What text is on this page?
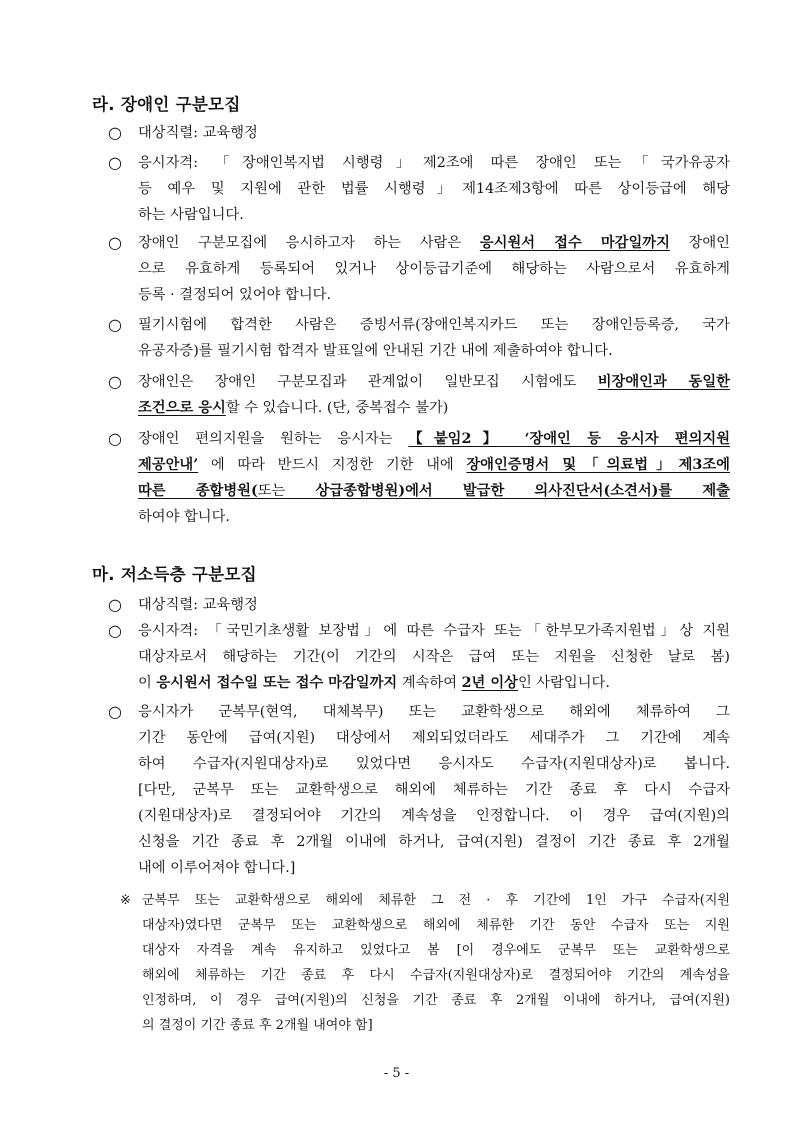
라. 장애인 구분모집
○ 대상직렬: 교육행정
○ 응시자격: 「장애인복지법 시행령」제2조에 따른 장애인 또는「국가유공자
등 예우 및 지원에 관한 법률 시행령」제14조제3항에 따른 상이등급에 해당
하는 사람입니다.
○ 장애인 구분모집에 응시하고자 하는 사람은 응시원서 접수 마감일까지 장애인
으로 유효하게 등록되어 있거나 상이등급기준에 해당하는 사람으로서 유효하게
등록 · 결정되어 있어야 합니다.
○ 필기시험에 합격한 사람은 증빙서류(장애인복지카드 또는 장애인등록증, 국가
유공자증)를 필기시험 합격자 발표일에 안내된 기간 내에 제출하여야 합니다.
○ 장애인은 장애인 구분모집과 관계없이 일반모집 시험에도 비장애인과 동일한
조건으로 응시할 수 있습니다. (단, 중복접수 불가)
○ 장애인 편의지원을 원하는 응시자는 【붙임2】 ‘장애인 등 응시자 편의지원
제공안내’ 에 따라 반드시 지정한 기한 내에 장애인증명서 및「의료법」제3조에
따른 종합병원(또는 상급종합병원)에서 발급한 의사진단서(소견서)를 제출
하여야 합니다.
마. 저소득층 구분모집
○ 대상직렬: 교육행정
○ 응시자격: 「국민기초생활 보장법」에 따른 수급자 또는「한부모가족지원법」상 지원
대상자로서 해당하는 기간(이 기간의 시작은 급여 또는 지원을 신청한 날로 봄)
이 응시원서 접수일 또는 접수 마감일까지 계속하여 2년 이상인 사람입니다.
○ 응시자가 군복무(현역, 대체복무) 또는 교환학생으로 해외에 체류하여 그
기간 동안에 급여(지원) 대상에서 제외되었더라도 세대주가 그 기간에 계속
하여 수급자(지원대상자)로 있었다면 응시자도 수급자(지원대상자)로 봅니다.
[다만, 군복무 또는 교환학생으로 해외에 체류하는 기간 종료 후 다시 수급자
(지원대상자)로 결정되어야 기간의 계속성을 인정합니다. 이 경우 급여(지원)의
신청을 기간 종료 후 2개월 이내에 하거나, 급여(지원) 결정이 기간 종료 후 2개월
내에 이루어져야 합니다.]
※ 군복무 또는 교환학생으로 해외에 체류한 그 전 · 후 기간에 1인 가구 수급자(지원
대상자)였다면 군복무 또는 교환학생으로 해외에 체류한 기간 동안 수급자 또는 지원
대상자 자격을 계속 유지하고 있었다고 봄 [이 경우에도 군복무 또는 교환학생으로
해외에 체류하는 기간 종료 후 다시 수급자(지원대상자)로 결정되어야 기간의 계속성을
인정하며, 이 경우 급여(지원)의 신청을 기간 종료 후 2개월 이내에 하거나, 급여(지원)
의 결정이 기간 종료 후 2개월 내여야 함]
- 5 -
